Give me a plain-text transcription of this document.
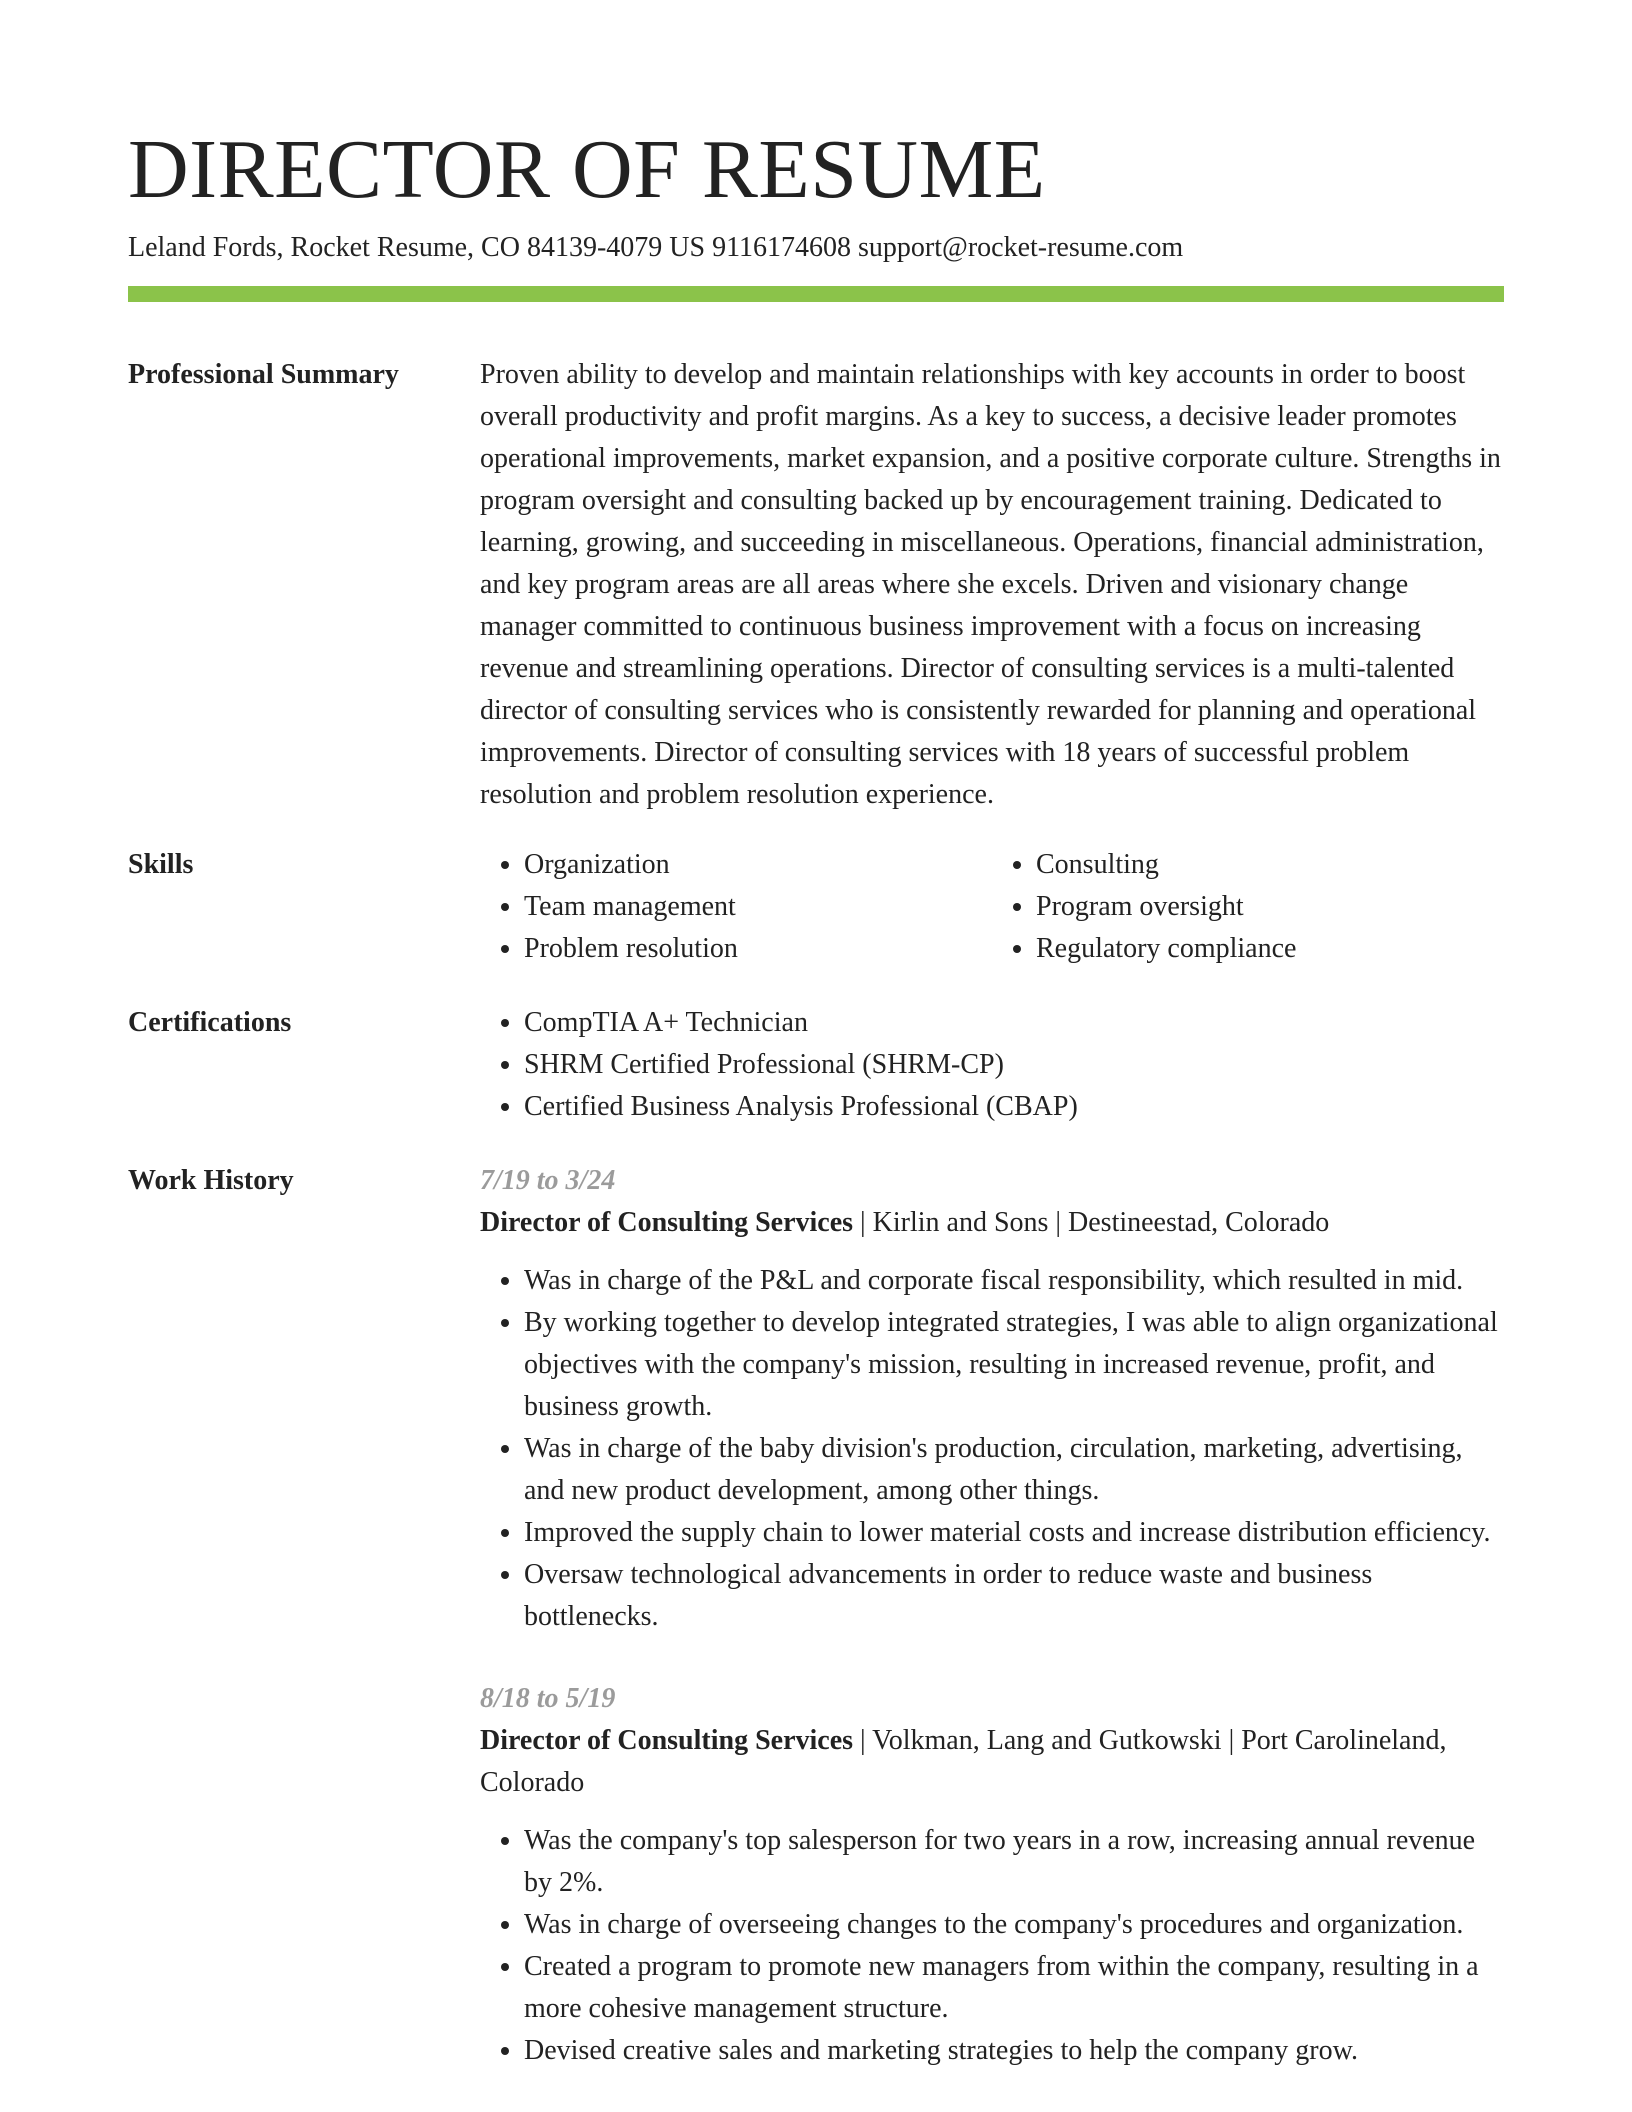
DIRECTOR OF RESUME
Leland Fords, Rocket Resume, CO 84139-4079 US 9116174608 support@rocket-resume.com
Professional Summary	Proven ability to develop and maintain relationships with key accounts in order to boost overall productivity and profit margins. As a key to success, a decisive leader promotes operational improvements, market expansion, and a positive corporate culture. Strengths in program oversight and consulting backed up by encouragement training. Dedicated to learning, growing, and succeeding in miscellaneous. Operations, financial administration, and key program areas are all areas where she excels. Driven and visionary change manager committed to continuous business improvement with a focus on increasing revenue and streamlining operations. Director of consulting services is a multi-talented director of consulting services who is consistently rewarded for planning and operational improvements. Director of consulting services with 18 years of successful problem resolution and problem resolution experience.

Skills	• Organization
• Team management
• Problem resolution
• Consulting
• Program oversight
• Regulatory compliance
Certifications	• CompTIA A+ Technician
• SHRM Certified Professional (SHRM-CP)
• Certified Business Analysis Professional (CBAP)
Work History	7/19 to 3/24
Director of Consulting Services | Kirlin and Sons | Destineestad, Colorado
• Was in charge of the P&L and corporate fiscal responsibility, which resulted in mid.
• By working together to develop integrated strategies, I was able to align organizational objectives with the company's mission, resulting in increased revenue, profit, and business growth.
• Was in charge of the baby division's production, circulation, marketing, advertising, and new product development, among other things.
• Improved the supply chain to lower material costs and increase distribution efficiency.
• Oversaw technological advancements in order to reduce waste and business bottlenecks.
8/18 to 5/19
Director of Consulting Services | Volkman, Lang and Gutkowski | Port Carolineland, Colorado
• Was the company's top salesperson for two years in a row, increasing annual revenue by 2%.
• Was in charge of overseeing changes to the company's procedures and organization.
• Created a program to promote new managers from within the company, resulting in a more cohesive management structure.
• Devised creative sales and marketing strategies to help the company grow.
